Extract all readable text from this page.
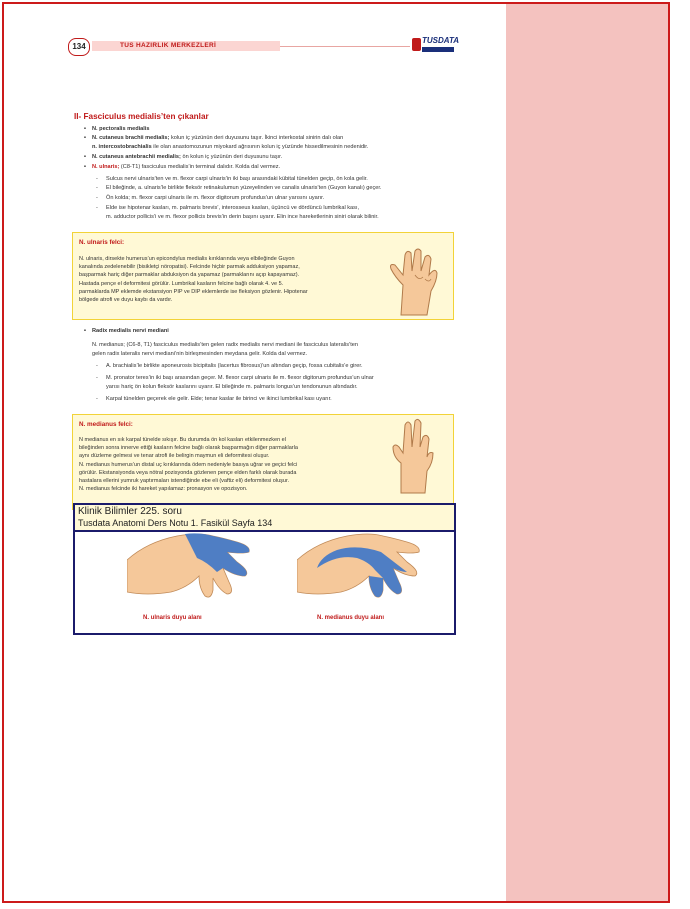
134	TUS HAZIRLIK MERKEZLERİ
TUSDATA
II- Fasciculus medialis’ten çıkanlar
• N. pectoralis medialis
• N. cutaneus brachii medialis; kolun iç yüzünün deri duyusunu taşır. İkinci interkostal sinirin dalı olan
n. intercostobrachialis ile olan anastomozunun miyokard ağrısının kolun iç yüzünde hissedilmesinin nedenidir.
• N. cutaneus antebrachii medialis; ön kolun iç yüzünün deri duyusunu taşır.
• N. ulnaris; (C8-T1) fasciculus medialis’in terminal dalıdır. Kolda dal vermez.
- Sulcus nervi ulnaris’ten ve m. flexor carpi ulnaris’in iki başı arasındaki kübital tünelden geçip, ön kola gelir.
- El bileğinde, a. ulnaris’le birlikte fleksör retinakulumun yüzeyelinden ve canalis ulnaris’ten (Guyon kanalı) geçer.
- Ön kolda; m. flexor carpi ulnaris ile m. flexor digitorum profundus’un ulnar yarısını uyarır.
- Elde ise hipotenar kasları, m. palmaris brevis’, interosseus kasları, üçüncü ve dördüncü lumbrikal kası,
m. adductor pollicis’i ve m. flexor pollicis brevis’in derin başını uyarır. Elin ince hareketlerinin siniri olarak bilinir.
N. ulnaris felci:
N. ulnaris, dirsekte humerus’un epicondylus medialis kırıklarında veya elbileğinde Guyon
kanalında zedelenebilir (bisikletçi nöropatisi). Felcinde hiçbir parmak adduksiyon yapamaz,
başparmak hariç diğer parmaklar abduksiyon da yapamaz (parmaklarını açıp kapayamaz).
Hastada pençe el deformitesi görülür. Lumbrikal kasların felcine bağlı olarak 4. ve 5.
parmaklarda MP eklemde ekstansiyon PIP ve DIP eklemlerde ise fleksiyon gözlenir. Hipotenar
bölgede atrofi ve duyu kaybı da vardır.
• Radix medialis nervi mediani
N. medianus; (C6-8, T1) fasciculus medialis’ten gelen radix medialis nervi mediani ile fasciculus lateralis’ten
gelen radix lateralis nervi mediani’nin birleşmesinden meydana gelir. Kolda dal vermez.
- A. brachialis’le birlikte aponeurosis bicipitalis (lacertus fibrosus)’un altından geçip, fossa cubitalis’e girer.
- M. pronator teres’in iki başı arasından geçer. M. flexor carpi ulnaris ile m. flexor digitorum profundus’un ulnar
yarısı hariç ön kolun fleksör kaslarını uyarır. El bileğinde m. palmaris longus’un tendonunun altındadır.
- Karpal tünelden geçerek ele gelir. Elde; tenar kaslar ile birinci ve ikinci lumbrikal kası uyarır.
N. medianus felci:
N medianus en sık karpal tünelde sıkışır. Bu durumda ön kol kasları etkilenmezken el
bileğinden sonra innerve ettiği kasların felcine bağlı olarak başparmağın diğer parmaklarla
aynı düzleme gelmesi ve tenar atrofi ile belirgin maymun eli deformitesi oluşur.
N. medianus humerus’un distal uç kırıklarında ödem nedeniyle basıya uğrar ve geçici felci
görülür. Ekstansiyonda veya nötral pozisyonda gözlenen pençe elden farklı olarak burada
hastalara ellerini yumruk yaptırmaları istendiğinde ebe eli (vaftiz eli) deformitesi oluşur.
N. medianus felcinde iki hareket yapılamaz: pronasyon ve opozisyon.
Klinik Bilimler 225. soru
Tusdata Anatomi Ders Notu 1. Fasikül Sayfa 134
N. ulnaris duyu alanı	N. medianus duyu alanı
